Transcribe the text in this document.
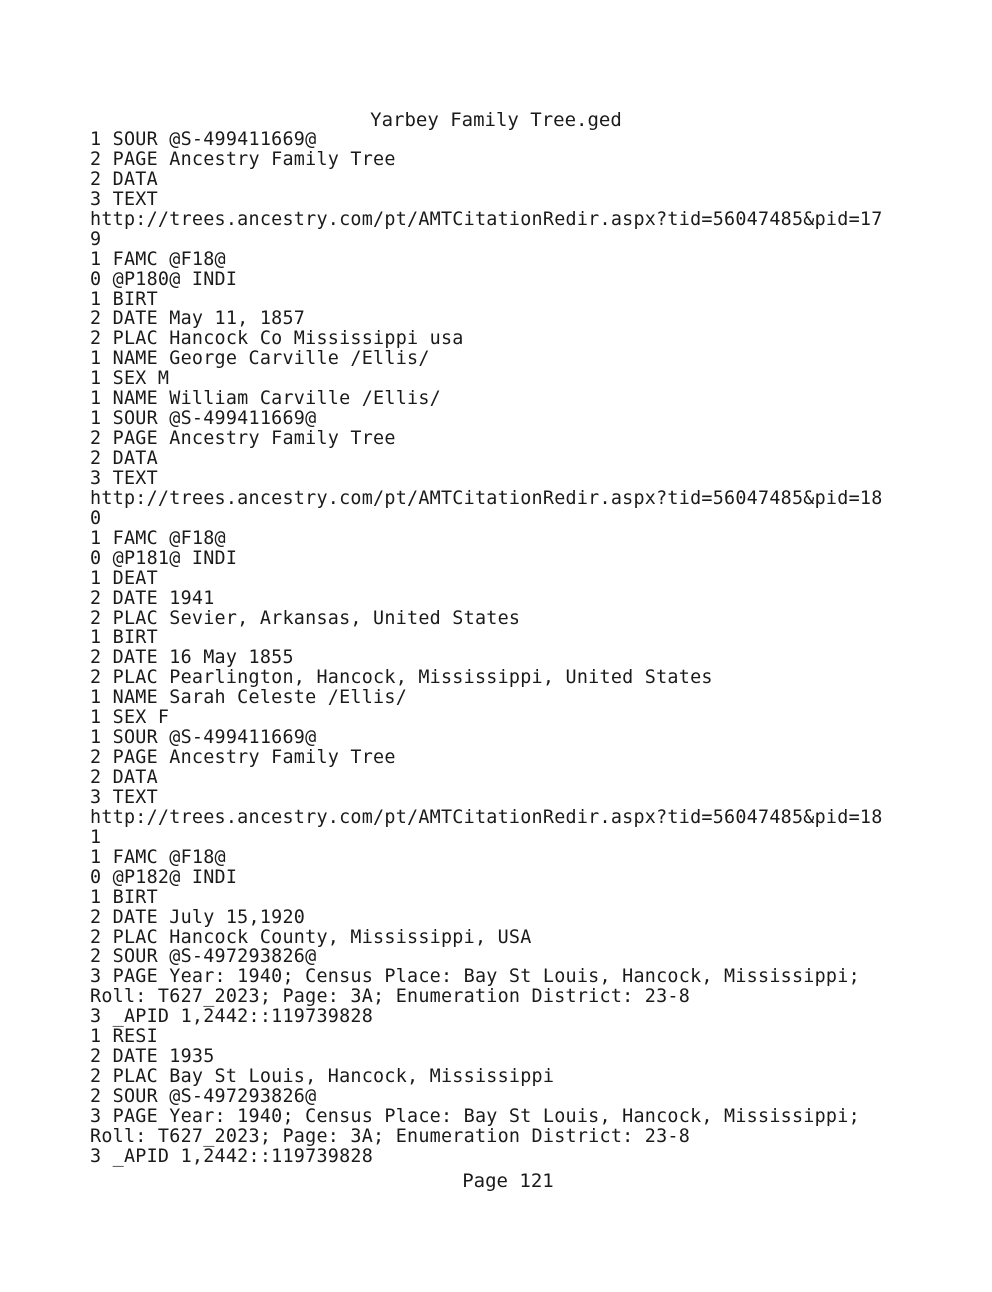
Yarbey Family Tree.ged
1 SOUR @S-499411669@
2 PAGE Ancestry Family Tree
2 DATA
3 TEXT
http://trees.ancestry.com/pt/AMTCitationRedir.aspx?tid=56047485&pid=17
9
1 FAMC @F18@
0 @P180@ INDI
1 BIRT
2 DATE May 11, 1857
2 PLAC Hancock Co Mississippi usa
1 NAME George Carville /Ellis/
1 SEX M
1 NAME William Carville /Ellis/
1 SOUR @S-499411669@
2 PAGE Ancestry Family Tree
2 DATA
3 TEXT
http://trees.ancestry.com/pt/AMTCitationRedir.aspx?tid=56047485&pid=18
0
1 FAMC @F18@
0 @P181@ INDI
1 DEAT
2 DATE 1941
2 PLAC Sevier, Arkansas, United States
1 BIRT
2 DATE 16 May 1855
2 PLAC Pearlington, Hancock, Mississippi, United States
1 NAME Sarah Celeste /Ellis/
1 SEX F
1 SOUR @S-499411669@
2 PAGE Ancestry Family Tree
2 DATA
3 TEXT
http://trees.ancestry.com/pt/AMTCitationRedir.aspx?tid=56047485&pid=18
1
1 FAMC @F18@
0 @P182@ INDI
1 BIRT
2 DATE July 15,1920
2 PLAC Hancock County, Mississippi, USA
2 SOUR @S-497293826@
3 PAGE Year: 1940; Census Place: Bay St Louis, Hancock, Mississippi;
Roll: T627_2023; Page: 3A; Enumeration District: 23-8
3 _APID 1,2442::119739828
1 RESI
2 DATE 1935
2 PLAC Bay St Louis, Hancock, Mississippi
2 SOUR @S-497293826@
3 PAGE Year: 1940; Census Place: Bay St Louis, Hancock, Mississippi;
Roll: T627_2023; Page: 3A; Enumeration District: 23-8
3 _APID 1,2442::119739828
Page 121
